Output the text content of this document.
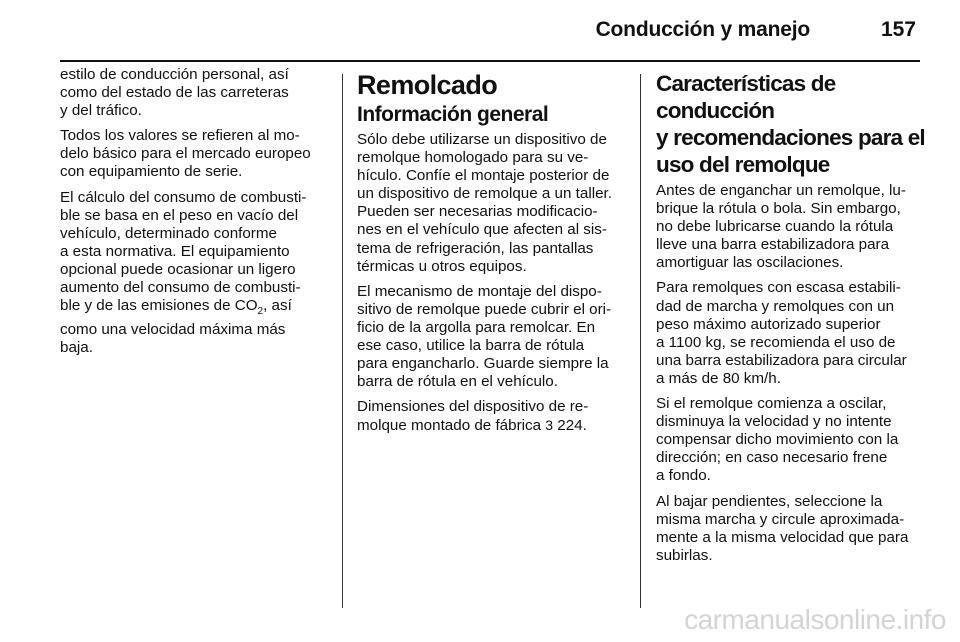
Conducción y manejo	157

estilo de conducción personal, así
como del estado de las carreteras
y del tráfico.

Todos los valores se refieren al mo-
delo básico para el mercado europeo
con equipamiento de serie.

El cálculo del consumo de combusti-
ble se basa en el peso en vacío del
vehículo, determinado conforme
a esta normativa. El equipamiento
opcional puede ocasionar un ligero
aumento del consumo de combusti-
ble y de las emisiones de $CO_2$, así
como una velocidad máxima más
baja.

Remolcado
Información general

Sólo debe utilizarse un dispositivo de
remolque homologado para su ve-
hículo. Confíe el montaje posterior de
un dispositivo de remolque a un taller.
Pueden ser necesarias modificacio-
nes en el vehículo que afecten al sis-
tema de refrigeración, las pantallas
térmicas u otros equipos.

El mecanismo de montaje del dispo-
sitivo de remolque puede cubrir el ori-
ficio de la argolla para remolcar. En
ese caso, utilice la barra de rótula
para engancharlo. Guarde siempre la
barra de rótula en el vehículo.

Dimensiones del dispositivo de re-
molque montado de fábrica 3 224.

Características de
conducción
y recomendaciones para el
uso del remolque

Antes de enganchar un remolque, lu-
brique la rótula o bola. Sin embargo,
no debe lubricarse cuando la rótula
lleve una barra estabilizadora para
amortiguar las oscilaciones.

Para remolques con escasa estabili-
dad de marcha y remolques con un
peso máximo autorizado superior
a 1100 kg, se recomienda el uso de
una barra estabilizadora para circular
a más de 80 km/h.

Si el remolque comienza a oscilar,
disminuya la velocidad y no intente
compensar dicho movimiento con la
dirección; en caso necesario frene
a fondo.

Al bajar pendientes, seleccione la
misma marcha y circule aproximada-
mente a la misma velocidad que para
subirlas.

carmanualsonline.info
